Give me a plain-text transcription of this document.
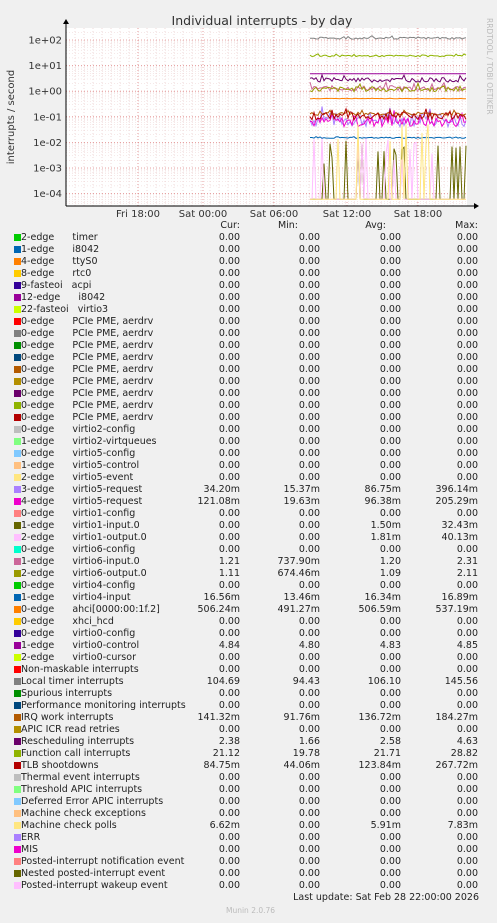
1e+02
1e+01
1e+00
1e-01
1e-02
1e-03
1e-04
Fri 18:00 Sat 00:00 Sat 06:00 Sat 12:00 Sat 18:00
Individual interrupts - by day
interrupts / second
RRDTOOL / TOBI OETIKER
Cur:	Min:	Avg:	Max:
2-edge      timer	0.00	0.00	0.00	0.00
1-edge      i8042	0.00	0.00	0.00	0.00
4-edge      ttyS0	0.00	0.00	0.00	0.00
8-edge      rtc0	0.00	0.00	0.00	0.00
9-fasteoi   acpi	0.00	0.00	0.00	0.00
12-edge      i8042	0.00	0.00	0.00	0.00
22-fasteoi   virtio3	0.00	0.00	0.00	0.00
0-edge      PCIe PME, aerdrv	0.00	0.00	0.00	0.00
0-edge      PCIe PME, aerdrv	0.00	0.00	0.00	0.00
0-edge      PCIe PME, aerdrv	0.00	0.00	0.00	0.00
0-edge      PCIe PME, aerdrv	0.00	0.00	0.00	0.00
0-edge      PCIe PME, aerdrv	0.00	0.00	0.00	0.00
0-edge      PCIe PME, aerdrv	0.00	0.00	0.00	0.00
0-edge      PCIe PME, aerdrv	0.00	0.00	0.00	0.00
0-edge      PCIe PME, aerdrv	0.00	0.00	0.00	0.00
0-edge      PCIe PME, aerdrv	0.00	0.00	0.00	0.00
0-edge      virtio2-config	0.00	0.00	0.00	0.00
1-edge      virtio2-virtqueues	0.00	0.00	0.00	0.00
0-edge      virtio5-config	0.00	0.00	0.00	0.00
1-edge      virtio5-control	0.00	0.00	0.00	0.00
2-edge      virtio5-event	0.00	0.00	0.00	0.00
3-edge      virtio5-request	34.20m	15.37m	86.75m	396.14m
4-edge      virtio5-request	121.08m	19.63m	96.38m	205.29m
0-edge      virtio1-config	0.00	0.00	0.00	0.00
1-edge      virtio1-input.0	0.00	0.00	1.50m	32.43m
2-edge      virtio1-output.0	0.00	0.00	1.81m	40.13m
0-edge      virtio6-config	0.00	0.00	0.00	0.00
1-edge      virtio6-input.0	1.21	737.90m	1.20	2.31
2-edge      virtio6-output.0	1.11	674.46m	1.09	2.11
0-edge      virtio4-config	0.00	0.00	0.00	0.00
1-edge      virtio4-input	16.56m	13.46m	16.34m	16.89m
0-edge      ahci[0000:00:1f.2]	506.24m	491.27m	506.59m	537.19m
0-edge      xhci_hcd	0.00	0.00	0.00	0.00
0-edge      virtio0-config	0.00	0.00	0.00	0.00
1-edge      virtio0-control	4.84	4.80	4.83	4.85
2-edge      virtio0-cursor	0.00	0.00	0.00	0.00
Non-maskable interrupts	0.00	0.00	0.00	0.00
Local timer interrupts	104.69	94.43	106.10	145.56
Spurious interrupts	0.00	0.00	0.00	0.00
Performance monitoring interrupts	0.00	0.00	0.00	0.00
IRQ work interrupts	141.32m	91.76m	136.72m	184.27m
APIC ICR read retries	0.00	0.00	0.00	0.00
Rescheduling interrupts	2.38	1.66	2.58	4.63
Function call interrupts	21.12	19.78	21.71	28.82
TLB shootdowns	84.75m	44.06m	123.84m	267.72m
Thermal event interrupts	0.00	0.00	0.00	0.00
Threshold APIC interrupts	0.00	0.00	0.00	0.00
Deferred Error APIC interrupts	0.00	0.00	0.00	0.00
Machine check exceptions	0.00	0.00	0.00	0.00
Machine check polls	6.62m	0.00	5.91m	7.83m
ERR	0.00	0.00	0.00	0.00
MIS	0.00	0.00	0.00	0.00
Posted-interrupt notification event	0.00	0.00	0.00	0.00
Nested posted-interrupt event	0.00	0.00	0.00	0.00
Posted-interrupt wakeup event	0.00	0.00	0.00	0.00
Last update: Sat Feb 28 22:00:00 2026
Munin 2.0.76
